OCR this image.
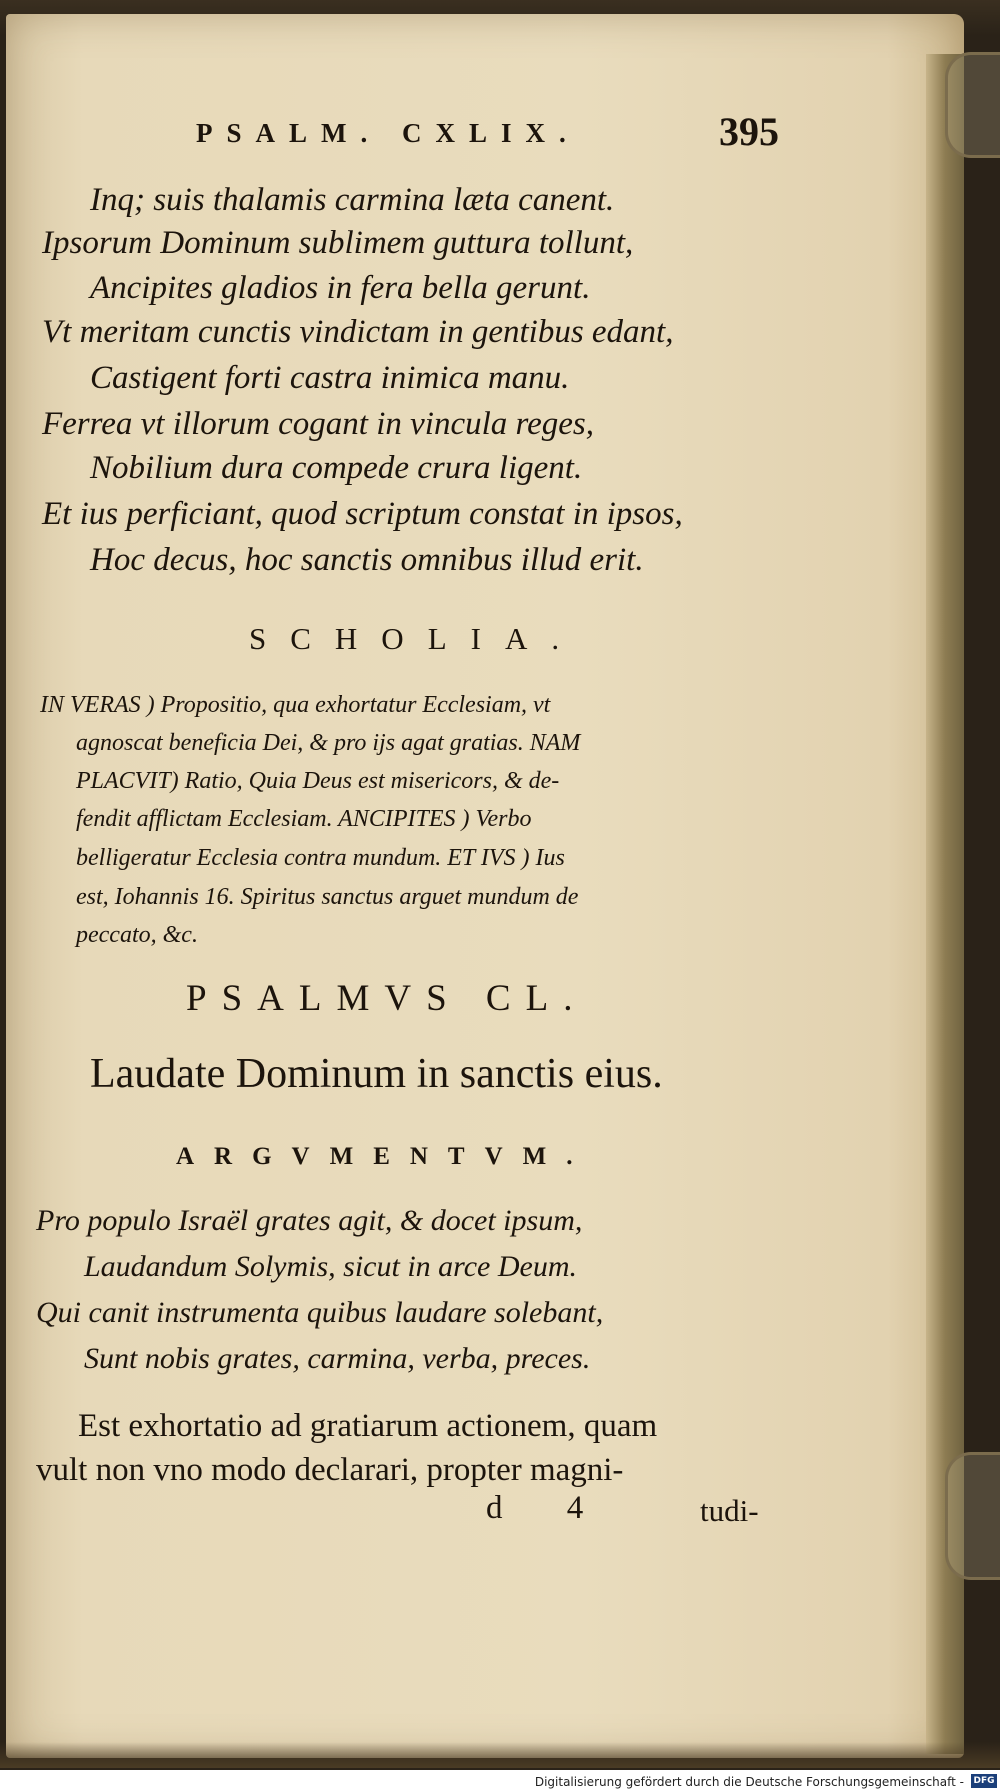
PSALM. CXLIX.	395
Inq; suis thalamis carmina læta canent.
Ipsorum Dominum sublimem guttura tollunt,
Ancipites gladios in fera bella gerunt.
Vt meritam cunctis vindictam in gentibus edant,
Castigent forti castra inimica manu.
Ferrea vt illorum cogant in vincula reges,
Nobilium dura compede crura ligent.
Et ius perficiant, quod scriptum constat in ipsos,
Hoc decus, hoc sanctis omnibus illud erit.
SCHOLIA.
IN VERAS ) Propositio, qua exhortatur Ecclesiam, vt
agnoscat beneficia Dei, & pro ijs agat gratias. NAM
PLACVIT) Ratio, Quia Deus est misericors, & de-
fendit afflictam Ecclesiam. ANCIPITES ) Verbo
belligeratur Ecclesia contra mundum. ET IVS ) Ius
est, Iohannis 16. Spiritus sanctus arguet mundum de
peccato, &c.
PSALMVS CL.
Laudate Dominum in sanctis eius.
ARGVMENTVM.
Pro populo Israël grates agit, & docet ipsum,
Laudandum Solymis, sicut in arce Deum.
Qui canit instrumenta quibus laudare solebant,
Sunt nobis grates, carmina, verba, preces.
Est exhortatio ad gratiarum actionem, quam
vult non vno modo declarari, propter magni-
d 4	tudi-
Digitalisierung gefördert durch die Deutsche Forschungsgemeinschaft - DFG
